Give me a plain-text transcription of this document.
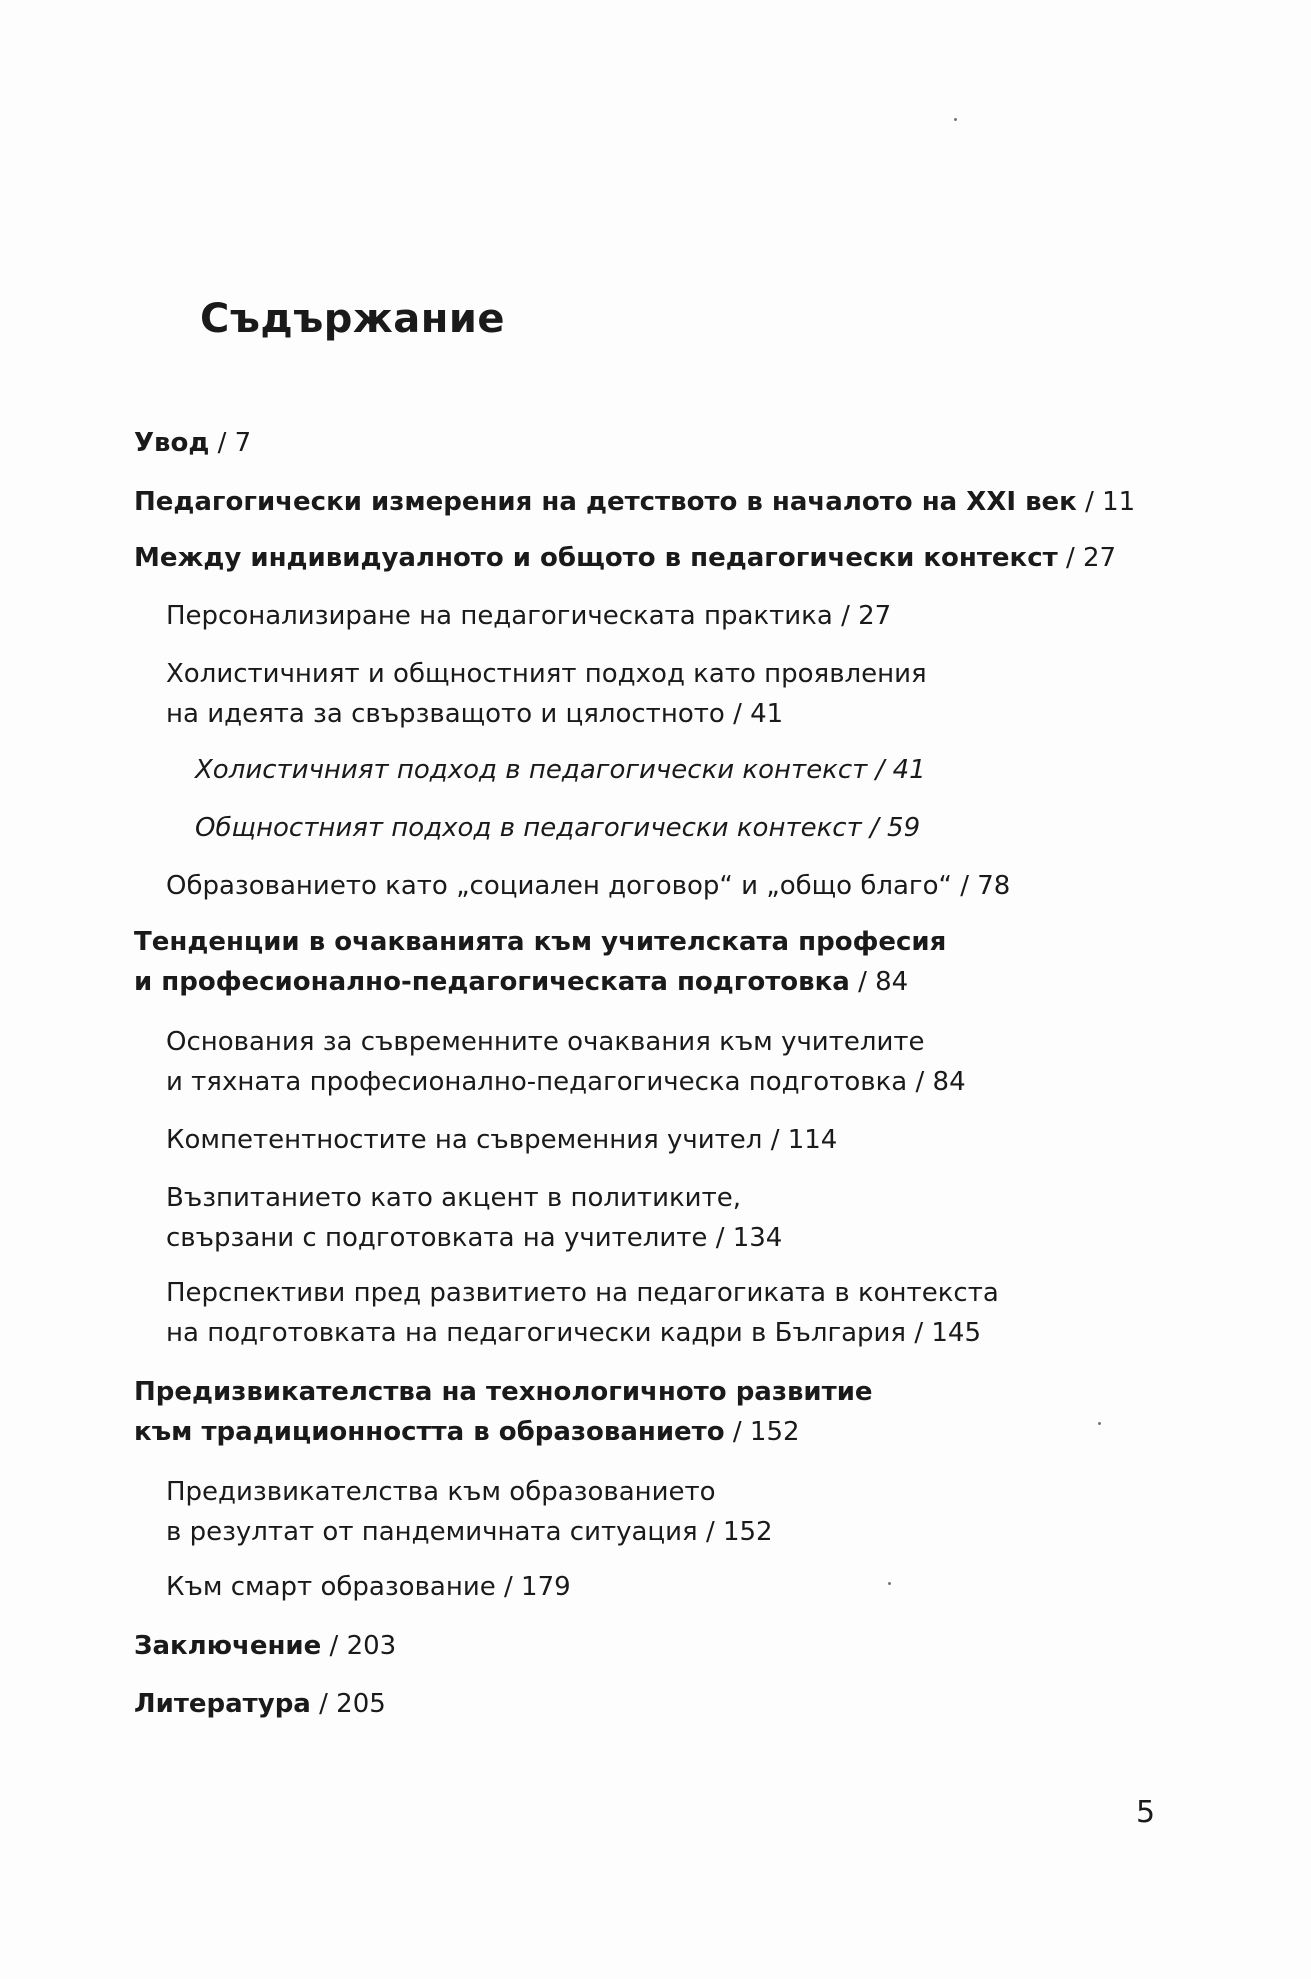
Съдържание
Увод / 7
Педагогически измерения на детството в началото на XXI век / 11
Между индивидуалното и общото в педагогически контекст / 27
Персонализиране на педагогическата практика / 27
Холистичният и общностният подход като проявления
на идеята за свързващото и цялостното / 41
Холистичният подход в педагогически контекст / 41
Общностният подход в педагогически контекст / 59
Образованието като „социален договор“ и „общо благо“ / 78
Тенденции в очакванията към учителската професия
и професионално-педагогическата подготовка / 84
Основания за съвременните очаквания към учителите
и тяхната професионално-педагогическа подготовка / 84
Компетентностите на съвременния учител / 114
Възпитанието като акцент в политиките,
свързани с подготовката на учителите / 134
Перспективи пред развитието на педагогиката в контекста
на подготовката на педагогически кадри в България / 145
Предизвикателства на технологичното развитие
към традиционността в образованието / 152
Предизвикателства към образованието
в резултат от пандемичната ситуация / 152
Към смарт образование / 179
Заключение / 203
Литература / 205
5
